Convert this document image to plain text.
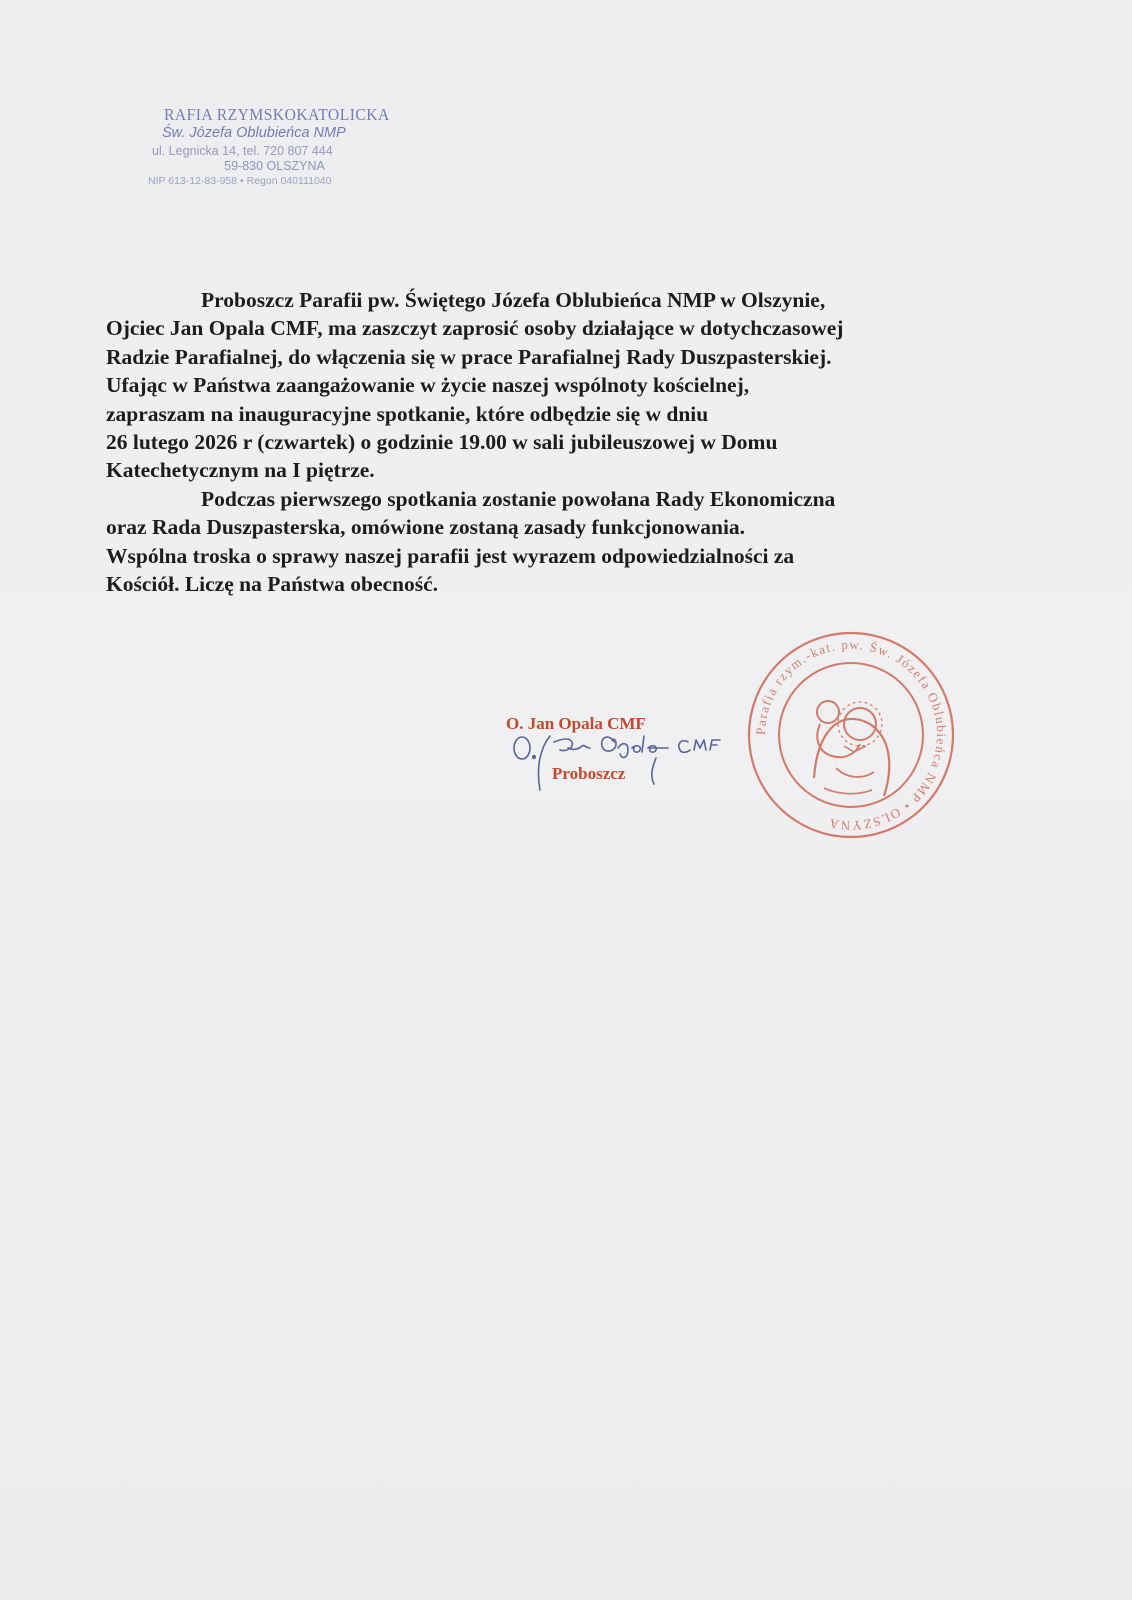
RAFIA RZYMSKOKATOLICKA
Św. Józefa Oblubieńca NMP
ul. Legnicka 14, tel. 720 807 444
59-830 OLSZYNA
NIP 613-12-83-958 • Regon 040111040
Proboszcz Parafii pw. Świętego Józefa Oblubieńca NMP w Olszynie,
Ojciec Jan Opala CMF, ma zaszczyt zaprosić osoby działające w dotychczasowej
Radzie Parafialnej, do włączenia się w prace Parafialnej Rady Duszpasterskiej.
Ufając w Państwa zaangażowanie w życie naszej wspólnoty kościelnej,
zapraszam na inauguracyjne spotkanie, które odbędzie się w dniu
26 lutego 2026 r (czwartek) o godzinie 19.00 w sali jubileuszowej w Domu
Katechetycznym na I piętrze.
Podczas pierwszego spotkania zostanie powołana Rady Ekonomiczna
oraz Rada Duszpasterska, omówione zostaną zasady funkcjonowania.
Wspólna troska o sprawy naszej parafii jest wyrazem odpowiedzialności za
Kościół. Liczę na Państwa obecność.
Parafia rzym.-kat. pw. Św. Józefa Oblubieńca NMP • OLSZYNA
O. Jan Opala CMF
Proboszcz
